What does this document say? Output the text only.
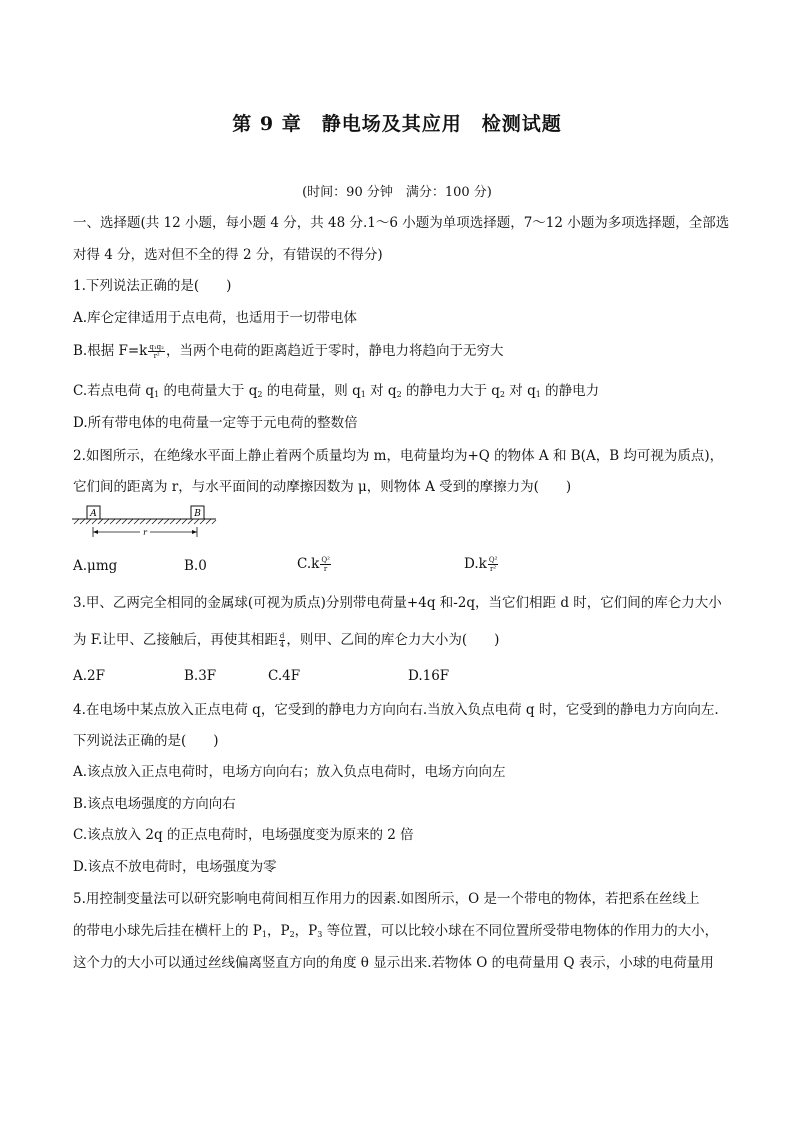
第 9 章　静电场及其应用　检测试题
(时间：90 分钟　满分：100 分)
一、选择题(共 12 小题，每小题 4 分，共 48 分.1～6 小题为单项选择题，7～12 小题为多项选择题，全部选
对得 4 分，选对但不全的得 2 分，有错误的不得分)
1.下列说法正确的是(　　)
A.库仑定律适用于点电荷，也适用于一切带电体
B.根据 $F=k \frac{\text{q₁q₂}}{\text{r²}}$ ，当两个电荷的距离趋近于零时，静电力将趋向于无穷大
C.若点电荷 $q_1$ 的电荷量大于 $q_2$ 的电荷量，则 $q_1$ 对 $q_2$ 的静电力大于 $q_2$ 对 $q_1$ 的静电力
D.所有带电体的电荷量一定等于元电荷的整数倍
2.如图所示，在绝缘水平面上静止着两个质量均为 m，电荷量均为+Q 的物体 A 和 B(A，B 均可视为质点)，
它们间的距离为 r，与水平面间的动摩擦因数为 μ，则物体 A 受到的摩擦力为(　　)
A	B
r
A.μmg	B.0	$C.k \frac{\text{Q²}}{r}$	$D.k \frac{\text{Q²}}{\text{r²}}$
3.甲、乙两完全相同的金属球(可视为质点)分别带电荷量+4q 和-2q，当它们相距 d 时，它们间的库仑力大小
为 F.让甲、乙接触后，再使其相距 $\frac{d}{4}$ ，则甲、乙间的库仑力大小为(　　)
A.2F	B.3F	C.4F	D.16F
4.在电场中某点放入正点电荷 q，它受到的静电力方向向右.当放入负点电荷 q 时，它受到的静电力方向向左.
下列说法正确的是(　　)
A.该点放入正点电荷时，电场方向向右；放入负点电荷时，电场方向向左
B.该点电场强度的方向向右
C.该点放入 2q 的正点电荷时，电场强度变为原来的 2 倍
D.该点不放电荷时，电场强度为零
5.用控制变量法可以研究影响电荷间相互作用力的因素.如图所示，O 是一个带电的物体，若把系在丝线上
的带电小球先后挂在横杆上的 $P_1$，$P_2$，$P_3$ 等位置，可以比较小球在不同位置所受带电物体的作用力的大小，
这个力的大小可以通过丝线偏离竖直方向的角度 θ 显示出来.若物体 O 的电荷量用 Q 表示，小球的电荷量用
